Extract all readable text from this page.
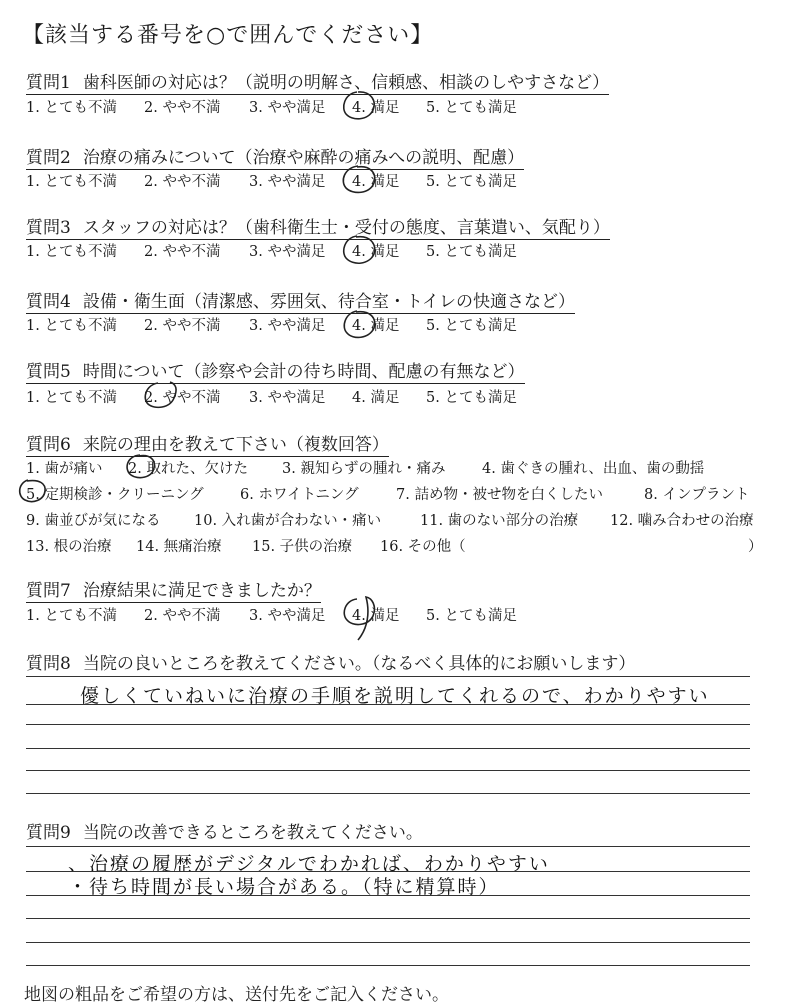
【該当する番号を○で囲んでください】
質問1 歯科医師の対応は？（説明の明解さ、信頼感、相談のしやすさなど）
1. とても不満 2. やや不満 3. やや満足 4. 満足 5. とても満足
質問2 治療の痛みについて（治療や麻酔の痛みへの説明、配慮）
1. とても不満 2. やや不満 3. やや満足 4. 満足 5. とても満足
質問3 スタッフの対応は？（歯科衛生士・受付の態度、言葉遣い、気配り）
1. とても不満 2. やや不満 3. やや満足 4. 満足 5. とても満足
質問4 設備・衛生面（清潔感、雰囲気、待合室・トイレの快適さなど）
1. とても不満 2. やや不満 3. やや満足 4. 満足 5. とても満足
質問5 時間について（診察や会計の待ち時間、配慮の有無など）
1. とても不満 2. やや不満 3. やや満足 4. 満足 5. とても満足
質問6 来院の理由を教えて下さい（複数回答）
1. 歯が痛い 2. 取れた、欠けた 3. 親知らずの腫れ・痛み	4. 歯ぐきの腫れ、出血、歯の動揺
5. 定期検診・クリーニング	6. ホワイトニング	7. 詰め物・被せ物を白くしたい	8. インプラント
9. 歯並びが気になる 10. 入れ歯が合わない・痛い	11. 歯のない部分の治療 12. 噛み合わせの治療
13. 根の治療 14. 無痛治療 15. 子供の治療 16. その他（	）
質問7 治療結果に満足できましたか？
1. とても不満 2. やや不満 3. やや満足 4. 満足 5. とても満足
質問8 当院の良いところを教えてください。（なるべく具体的にお願いします）
優しくていねいに治療の手順を説明してくれるので、わかりやすい
質問9 当院の改善できるところを教えてください。
、治療の履歴がデジタルでわかれば、わかりやすい
・待ち時間が長い場合がある。（特に精算時）
地図の粗品をご希望の方は、送付先をご記入ください。
